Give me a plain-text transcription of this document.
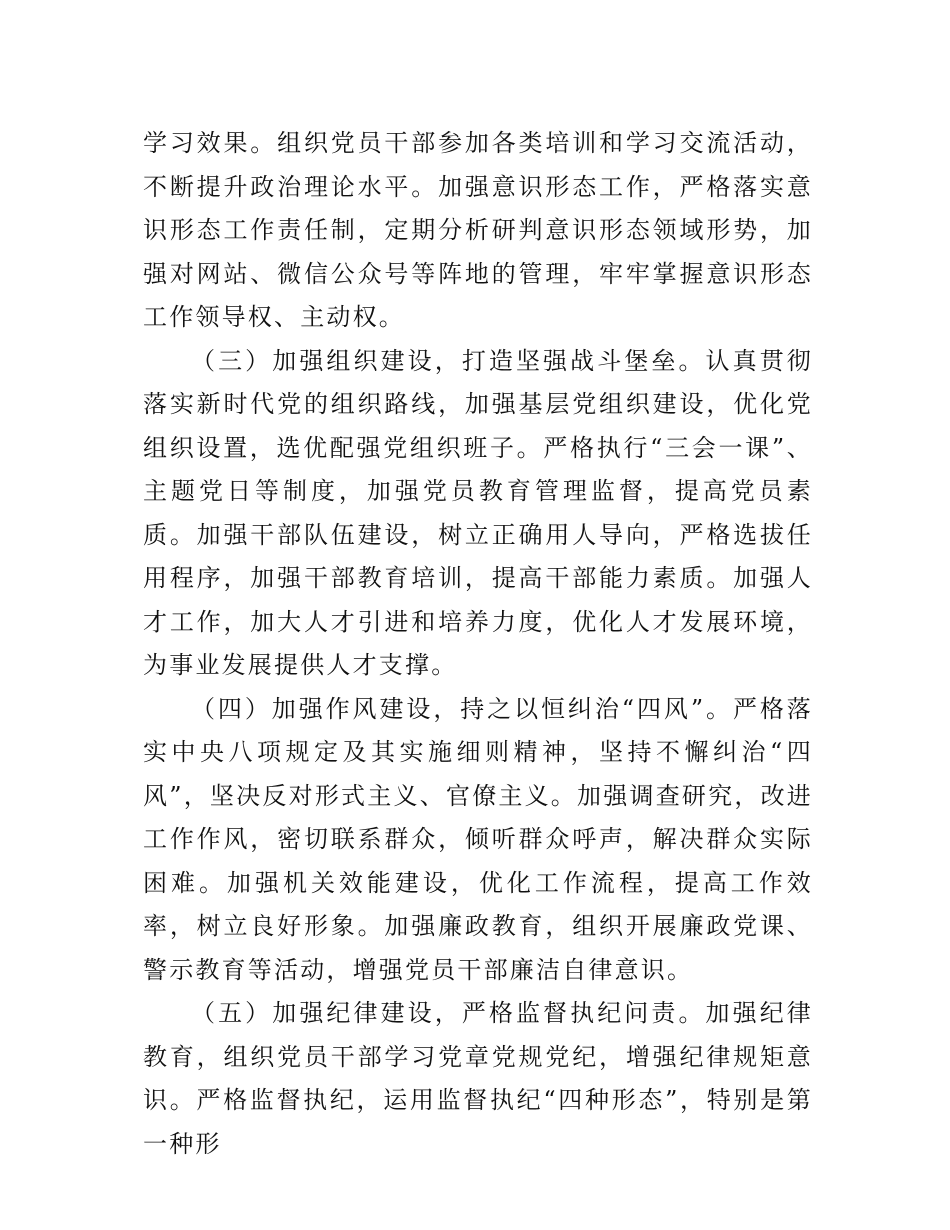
学习效果。组织党员干部参加各类培训和学习交流活动，不断提升政治理论水平。加强意识形态工作，严格落实意识形态工作责任制，定期分析研判意识形态领域形势，加强对网站、微信公众号等阵地的管理，牢牢掌握意识形态工作领导权、主动权。

（三）加强组织建设，打造坚强战斗堡垒。认真贯彻落实新时代党的组织路线，加强基层党组织建设，优化党组织设置，选优配强党组织班子。严格执行“三会一课”、主题党日等制度，加强党员教育管理监督，提高党员素质。加强干部队伍建设，树立正确用人导向，严格选拔任用程序，加强干部教育培训，提高干部能力素质。加强人才工作，加大人才引进和培养力度，优化人才发展环境，为事业发展提供人才支撑。

（四）加强作风建设，持之以恒纠治“四风”。严格落实中央八项规定及其实施细则精神，坚持不懈纠治“四风”，坚决反对形式主义、官僚主义。加强调查研究，改进工作作风，密切联系群众，倾听群众呼声，解决群众实际困难。加强机关效能建设，优化工作流程，提高工作效率，树立良好形象。加强廉政教育，组织开展廉政党课、警示教育等活动，增强党员干部廉洁自律意识。

（五）加强纪律建设，严格监督执纪问责。加强纪律教育，组织党员干部学习党章党规党纪，增强纪律规矩意识。严格监督执纪，运用监督执纪“四种形态”，特别是第一种形
